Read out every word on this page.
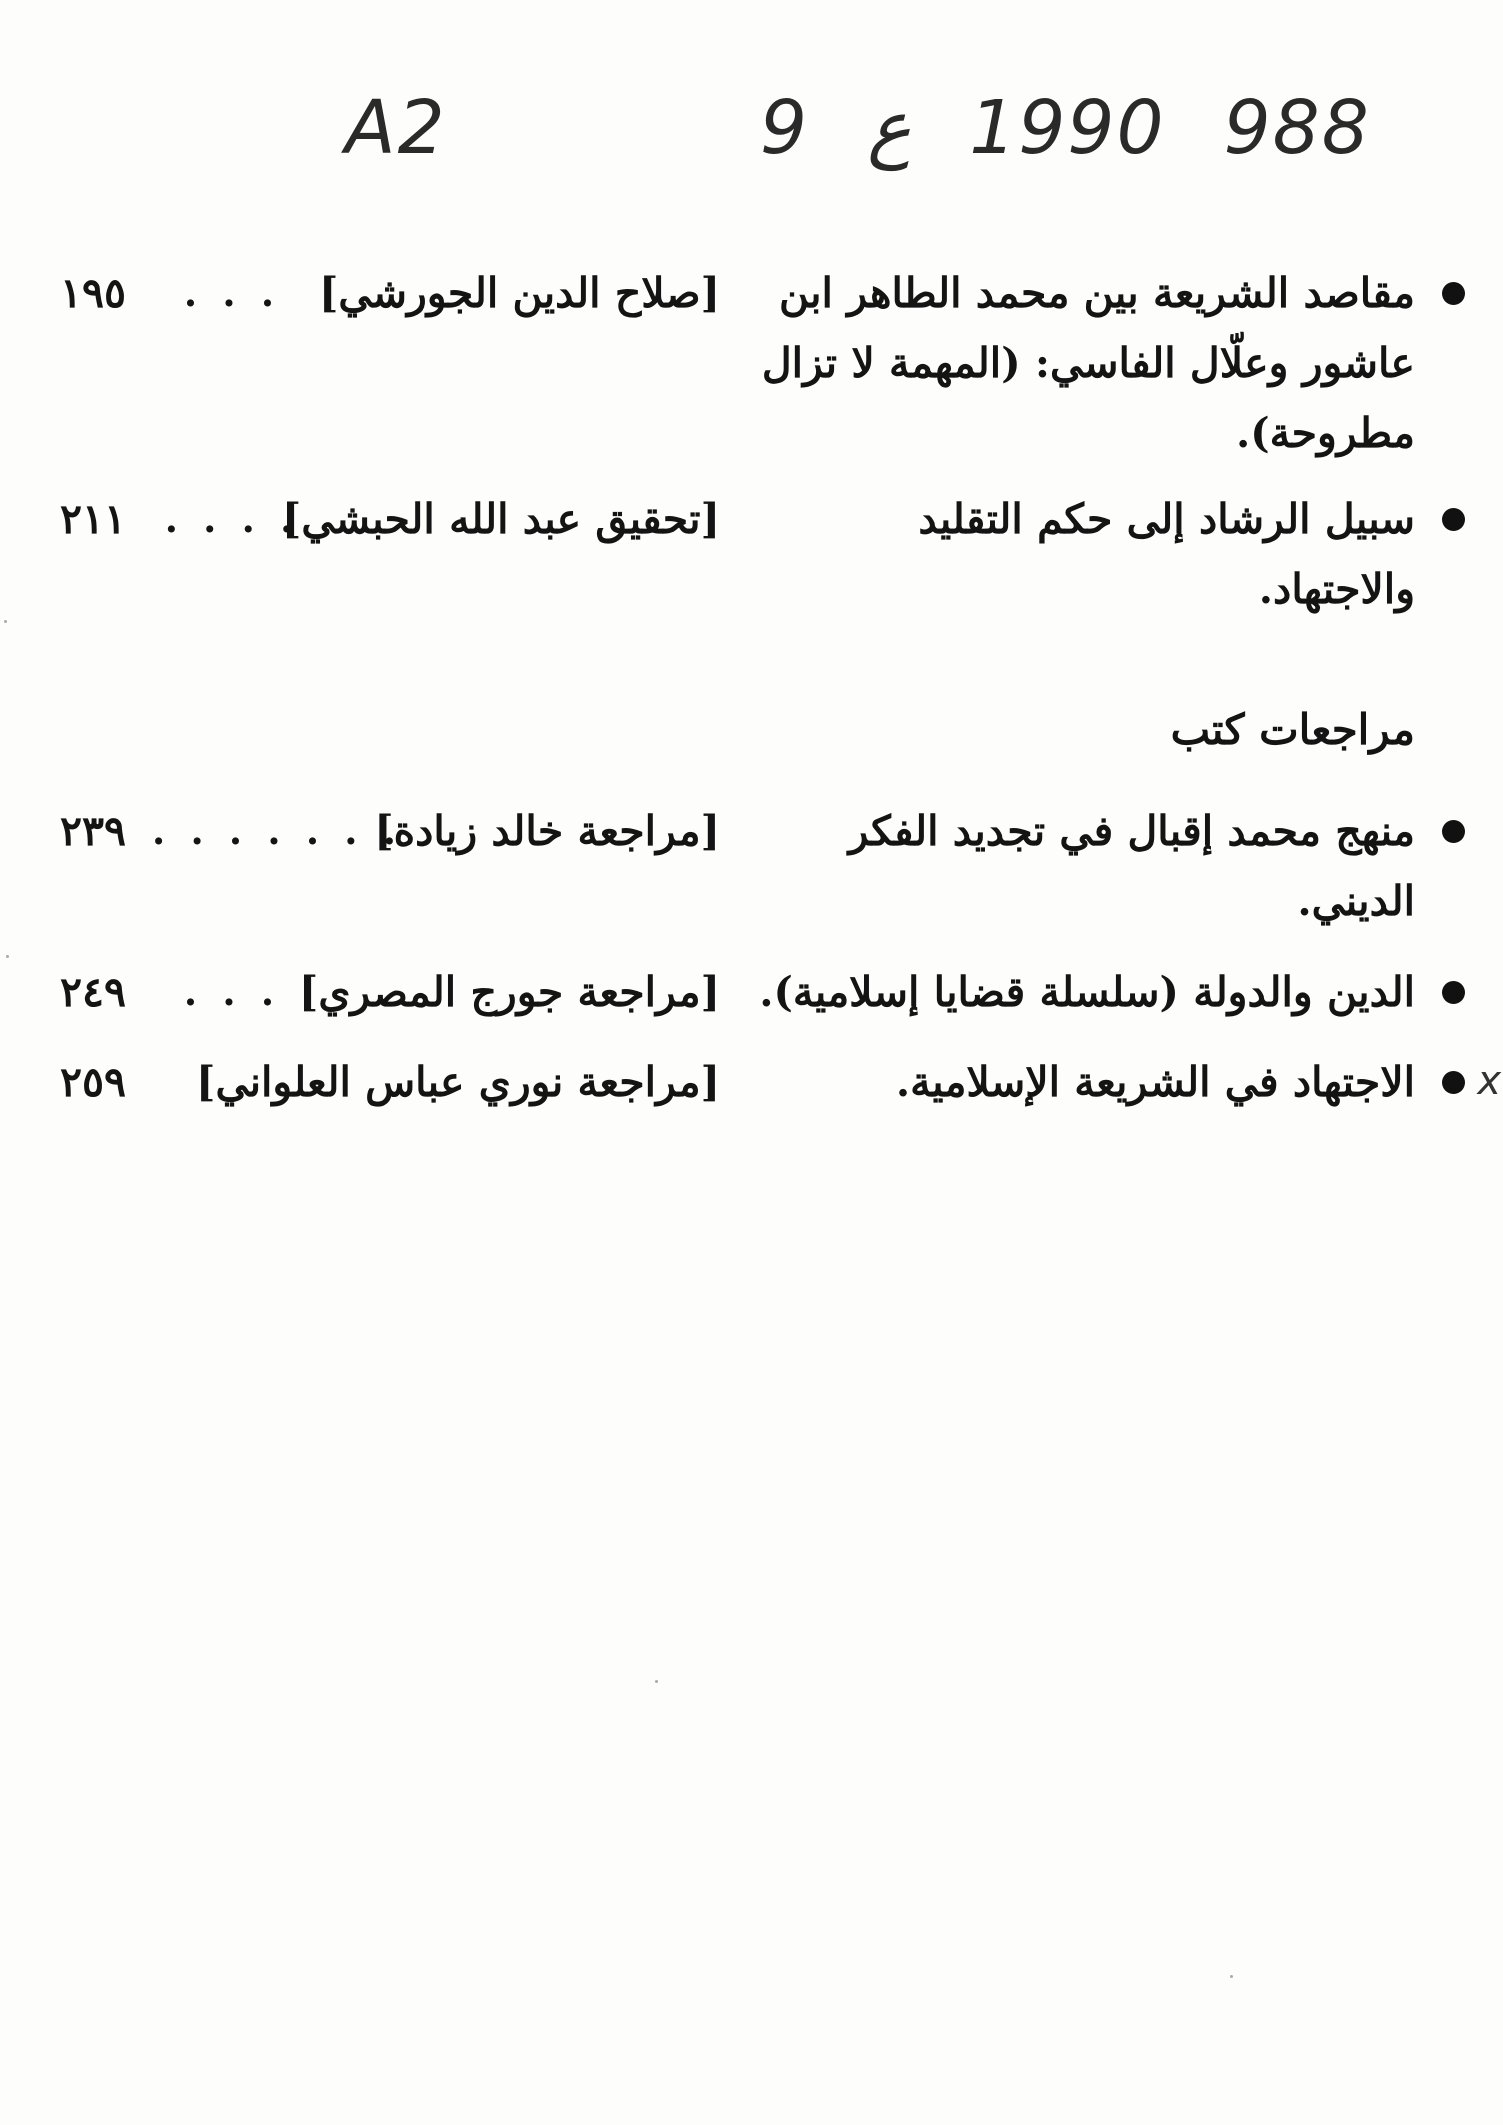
A2	9 ع 1990 988
مقاصد الشريعة بين محمد الطاهر ابن
عاشور وعلّال الفاسي: (المهمة لا تزال
مطروحة).
[صلاح الدين الجورشي]
. . .
١٩٥
سبيل الرشاد إلى حكم التقليد
والاجتهاد.
[تحقيق عبد الله الحبشي]
. . . .
٢١١
مراجعات كتب
منهج محمد إقبال في تجديد الفكر
الديني.
[مراجعة خالد زيادة]
. . . . . . .
٢٣٩
الدين والدولة (سلسلة قضايا إسلامية).
[مراجعة جورج المصري]
. . .
٢٤٩
الاجتهاد في الشريعة الإسلامية.
[مراجعة نوري عباس العلواني]
٢٥٩	x
